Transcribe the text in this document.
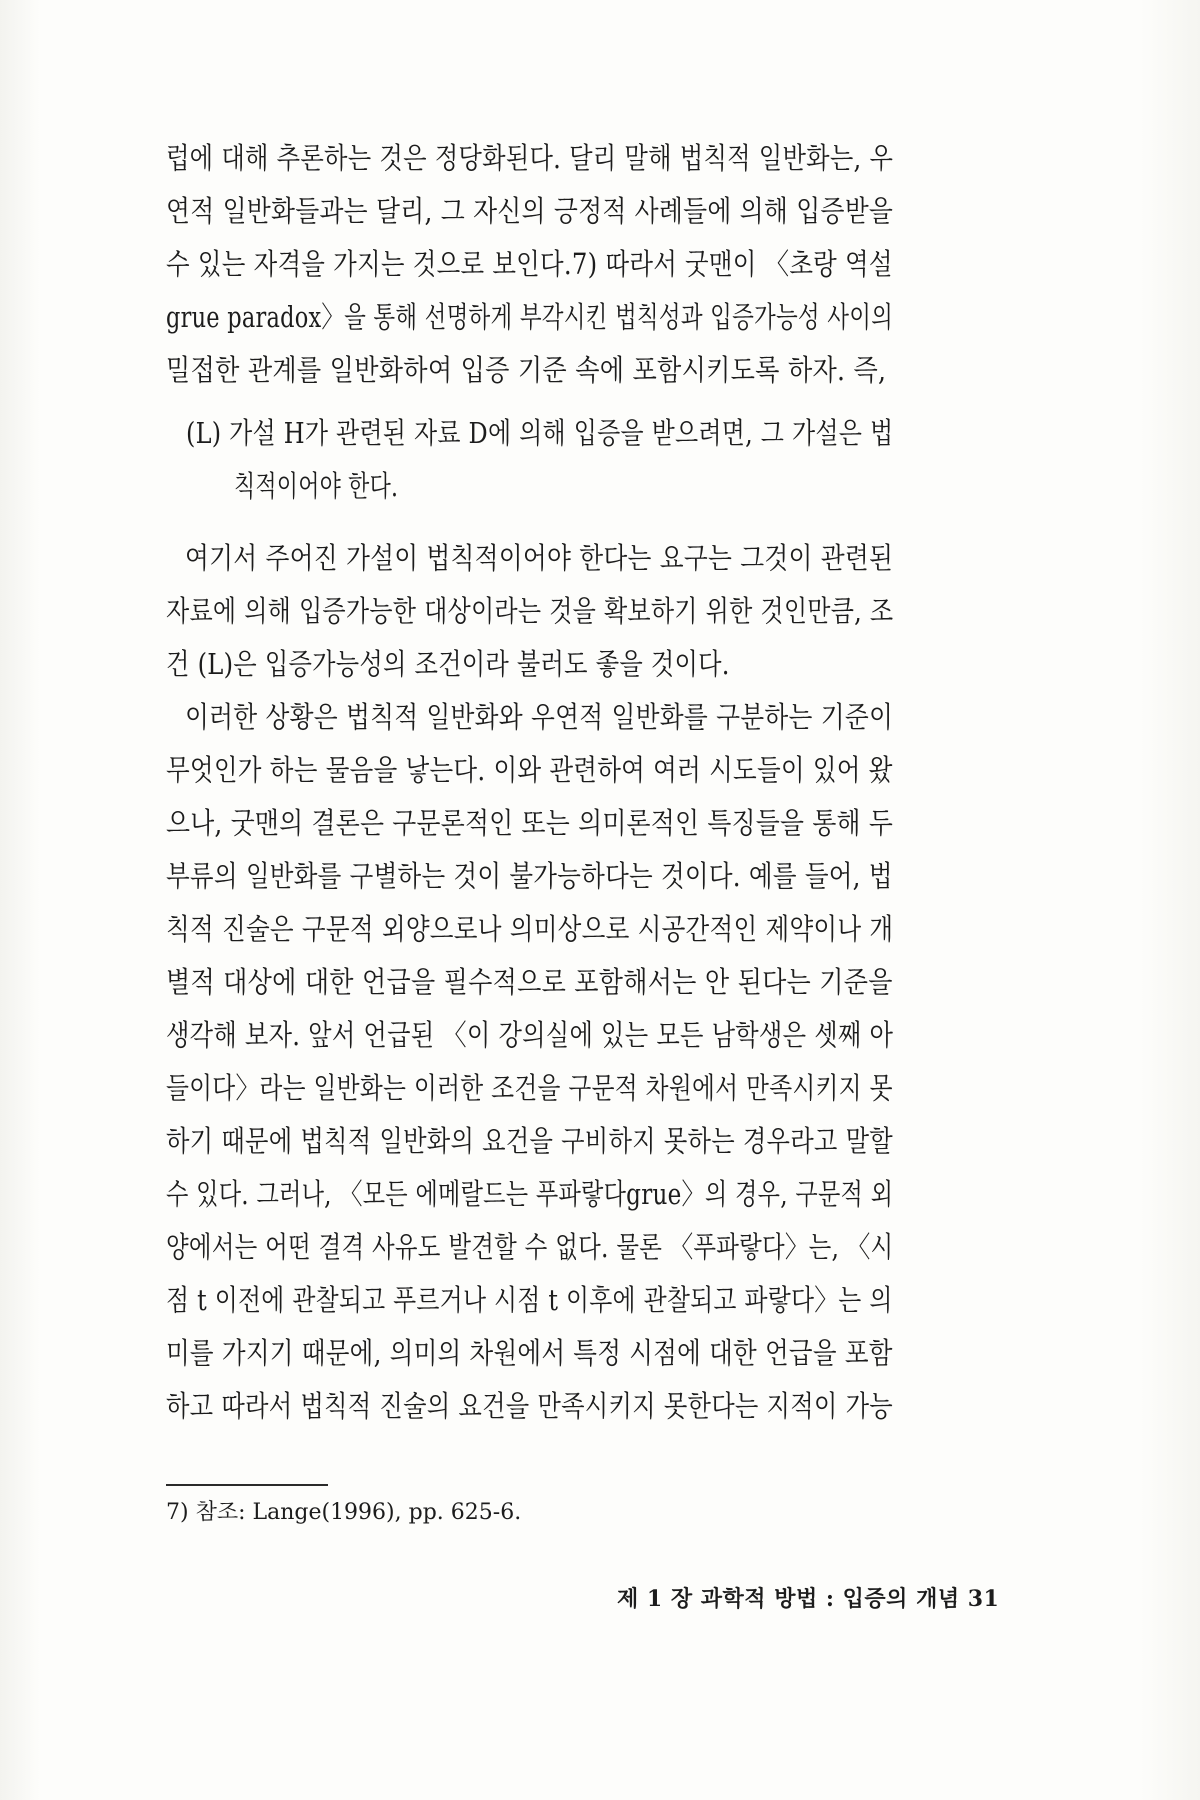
럽에 대해 추론하는 것은 정당화된다. 달리 말해 법칙적 일반화는, 우
연적 일반화들과는 달리, 그 자신의 긍정적 사례들에 의해 입증받을
수 있는 자격을 가지는 것으로 보인다.7) 따라서 굿맨이 〈초랑 역설
grue paradox〉을 통해 선명하게 부각시킨 법칙성과 입증가능성 사이의
밀접한 관계를 일반화하여 입증 기준 속에 포함시키도록 하자. 즉,
(L) 가설 H가 관련된 자료 D에 의해 입증을 받으려면, 그 가설은 법
칙적이어야 한다.
여기서 주어진 가설이 법칙적이어야 한다는 요구는 그것이 관련된
자료에 의해 입증가능한 대상이라는 것을 확보하기 위한 것인만큼, 조
건 (L)은 입증가능성의 조건이라 불러도 좋을 것이다.
이러한 상황은 법칙적 일반화와 우연적 일반화를 구분하는 기준이
무엇인가 하는 물음을 낳는다. 이와 관련하여 여러 시도들이 있어 왔
으나, 굿맨의 결론은 구문론적인 또는 의미론적인 특징들을 통해 두
부류의 일반화를 구별하는 것이 불가능하다는 것이다. 예를 들어, 법
칙적 진술은 구문적 외양으로나 의미상으로 시공간적인 제약이나 개
별적 대상에 대한 언급을 필수적으로 포함해서는 안 된다는 기준을
생각해 보자. 앞서 언급된 〈이 강의실에 있는 모든 남학생은 셋째 아
들이다〉라는 일반화는 이러한 조건을 구문적 차원에서 만족시키지 못
하기 때문에 법칙적 일반화의 요건을 구비하지 못하는 경우라고 말할
수 있다. 그러나, 〈모든 에메랄드는 푸파랗다grue〉의 경우, 구문적 외
양에서는 어떤 결격 사유도 발견할 수 없다. 물론 〈푸파랗다〉는, 〈시
점 t 이전에 관찰되고 푸르거나 시점 t 이후에 관찰되고 파랗다〉는 의
미를 가지기 때문에, 의미의 차원에서 특정 시점에 대한 언급을 포함
하고 따라서 법칙적 진술의 요건을 만족시키지 못한다는 지적이 가능
7) 참조: Lange(1996), pp. 625-6.
제 1 장 과학적 방법 : 입증의 개념 31
